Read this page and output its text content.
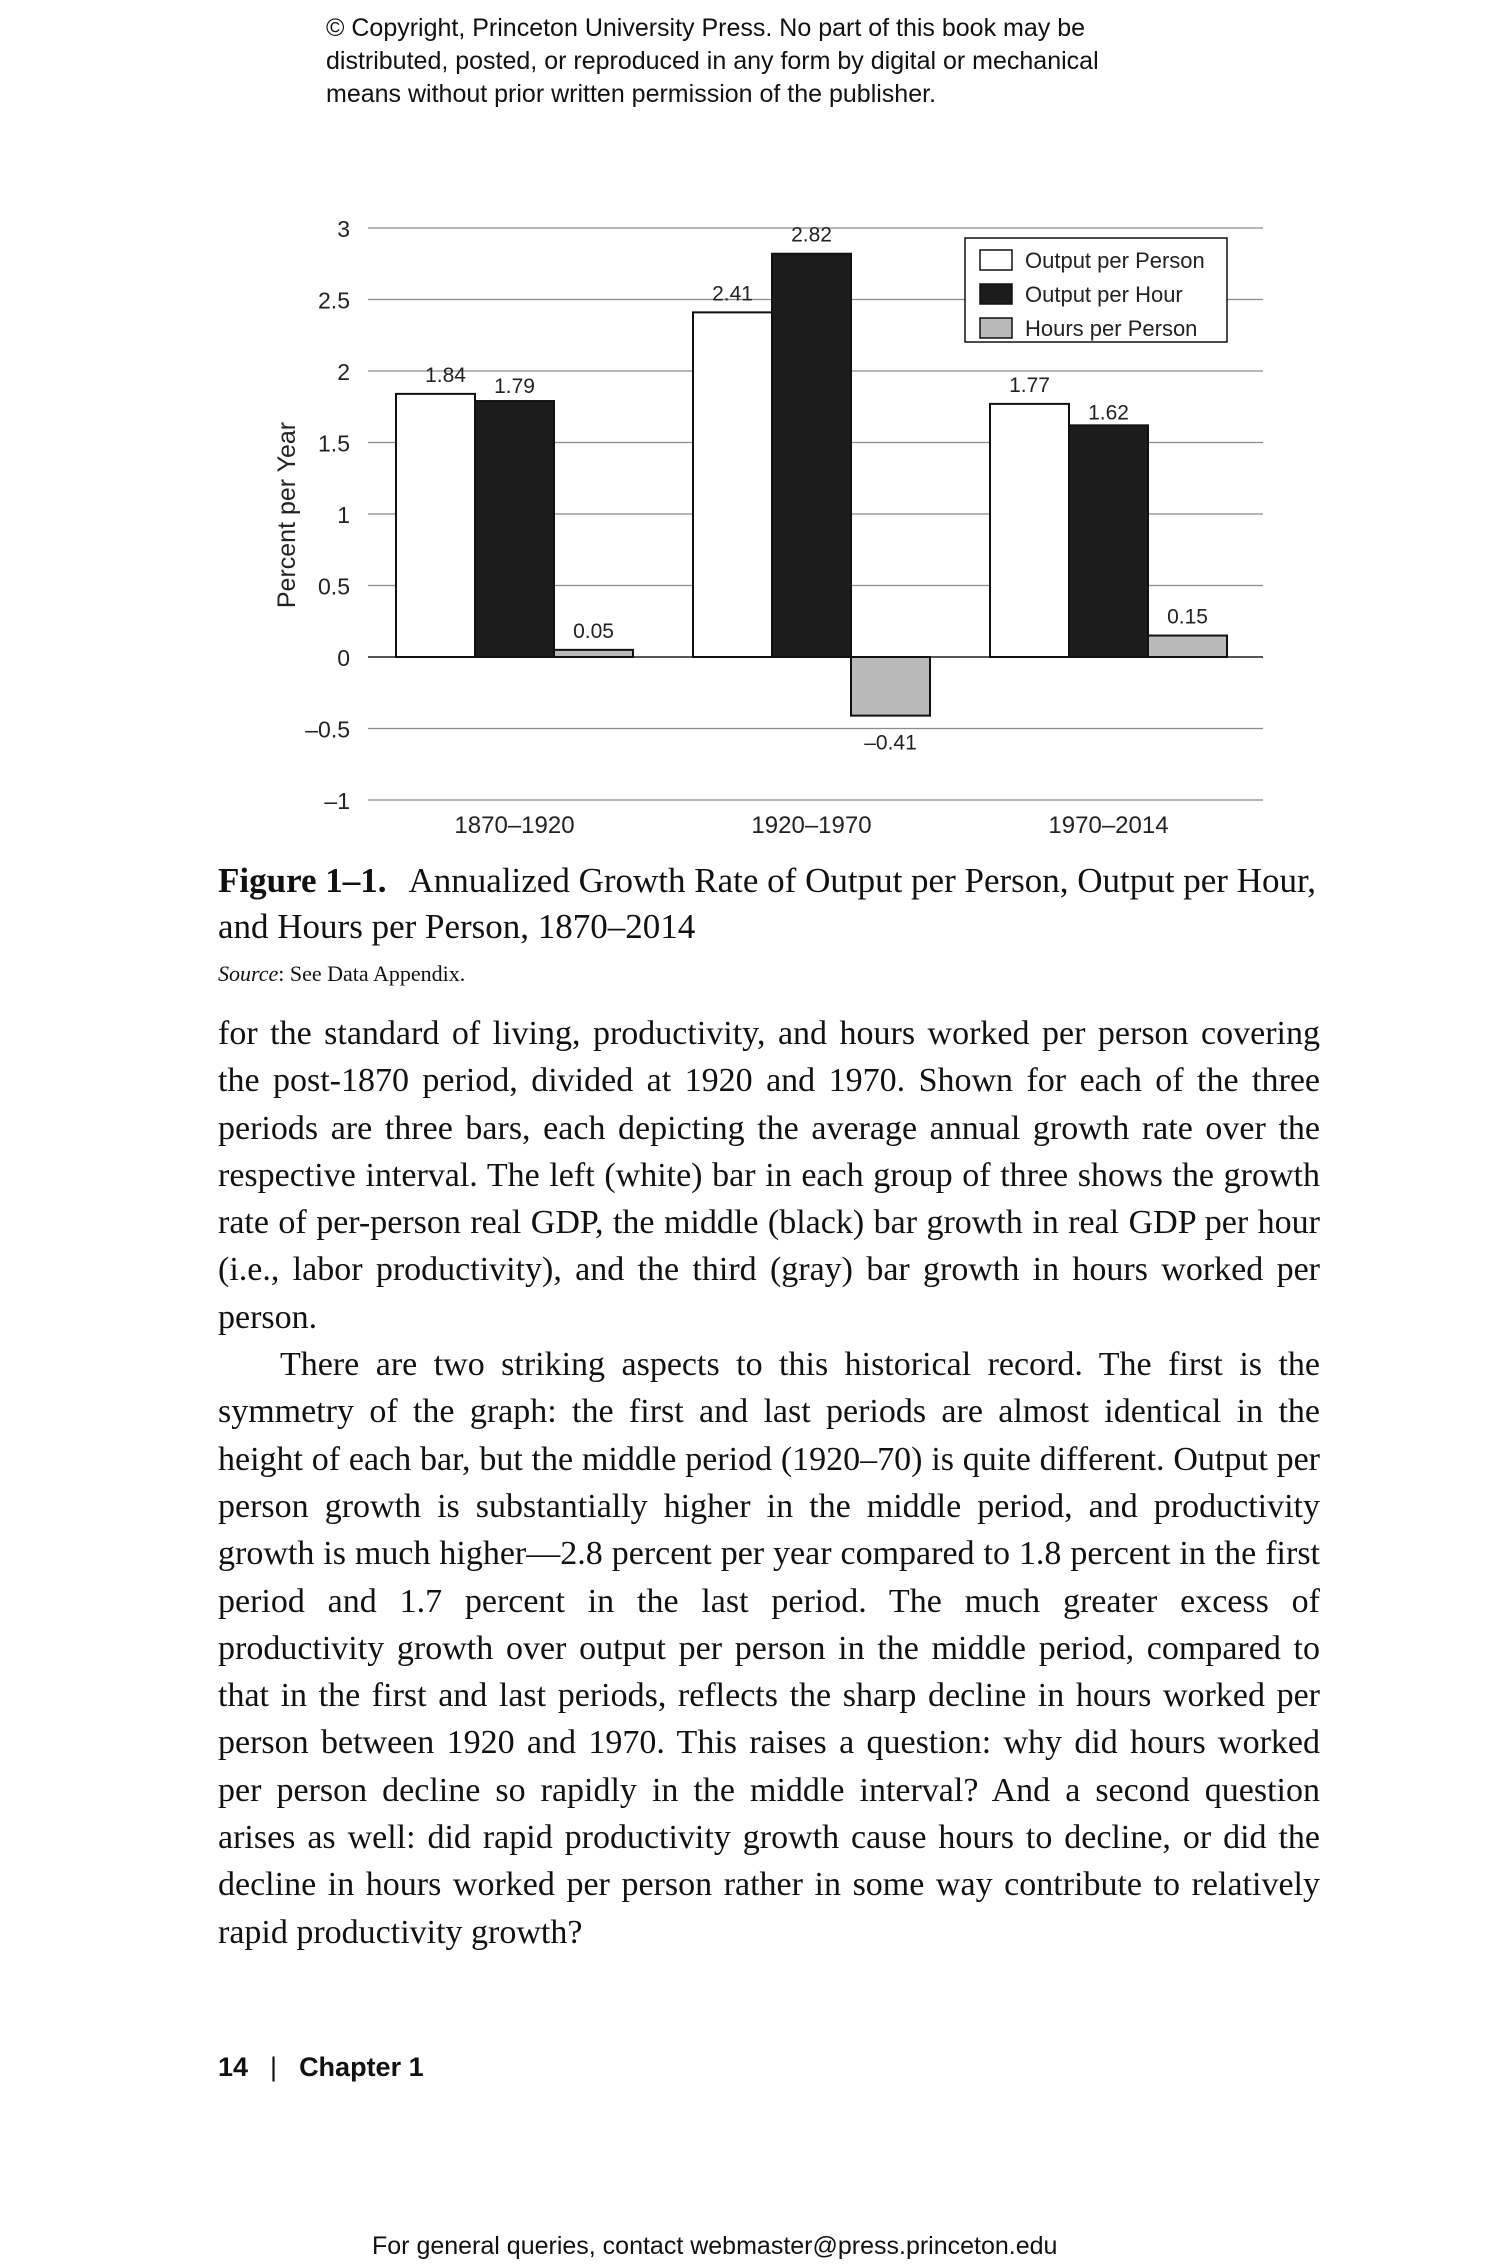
© Copyright, Princeton University Press. No part of this book may be
distributed, posted, or reproduced in any form by digital or mechanical
means without prior written permission of the publisher.
3
2.5
2
1.5
1
0.5
0
–0.5
–1
Percent per Year
1.84
2.41
1.77
1.79
2.82
1.62
0.05
–0.41
0.15
1870–1920	1920–1970	1970–2014
Output per Person
Output per Hour
Hours per Person
Figure 1–1. Annualized Growth Rate of Output per Person, Output per Hour, and Hours per Person, 1870–2014
Source: See Data Appendix.

for the standard of living, productivity, and hours worked per person covering the post-1870 period, divided at 1920 and 1970. Shown for each of the three periods are three bars, each depicting the average annual growth rate over the respective interval. The left (white) bar in each group of three shows the growth rate of per-person real GDP, the middle (black) bar growth in real GDP per hour (i.e., labor productivity), and the third (gray) bar growth in hours worked per person.

There are two striking aspects to this historical record. The first is the symmetry of the graph: the first and last periods are almost identical in the height of each bar, but the middle period (1920–70) is quite different. Output per person growth is substantially higher in the middle period, and productivity growth is much higher—2.8 percent per year compared to 1.8 percent in the first period and 1.7 percent in the last period. The much greater excess of productivity growth over output per person in the middle period, compared to that in the first and last periods, reflects the sharp decline in hours worked per person between 1920 and 1970. This raises a question: why did hours worked per person decline so rapidly in the middle interval? And a second question arises as well: did rapid productivity growth cause hours to decline, or did the decline in hours worked per person rather in some way contribute to relatively rapid productivity growth?

14 | Chapter 1
For general queries, contact webmaster@press.princeton.edu
